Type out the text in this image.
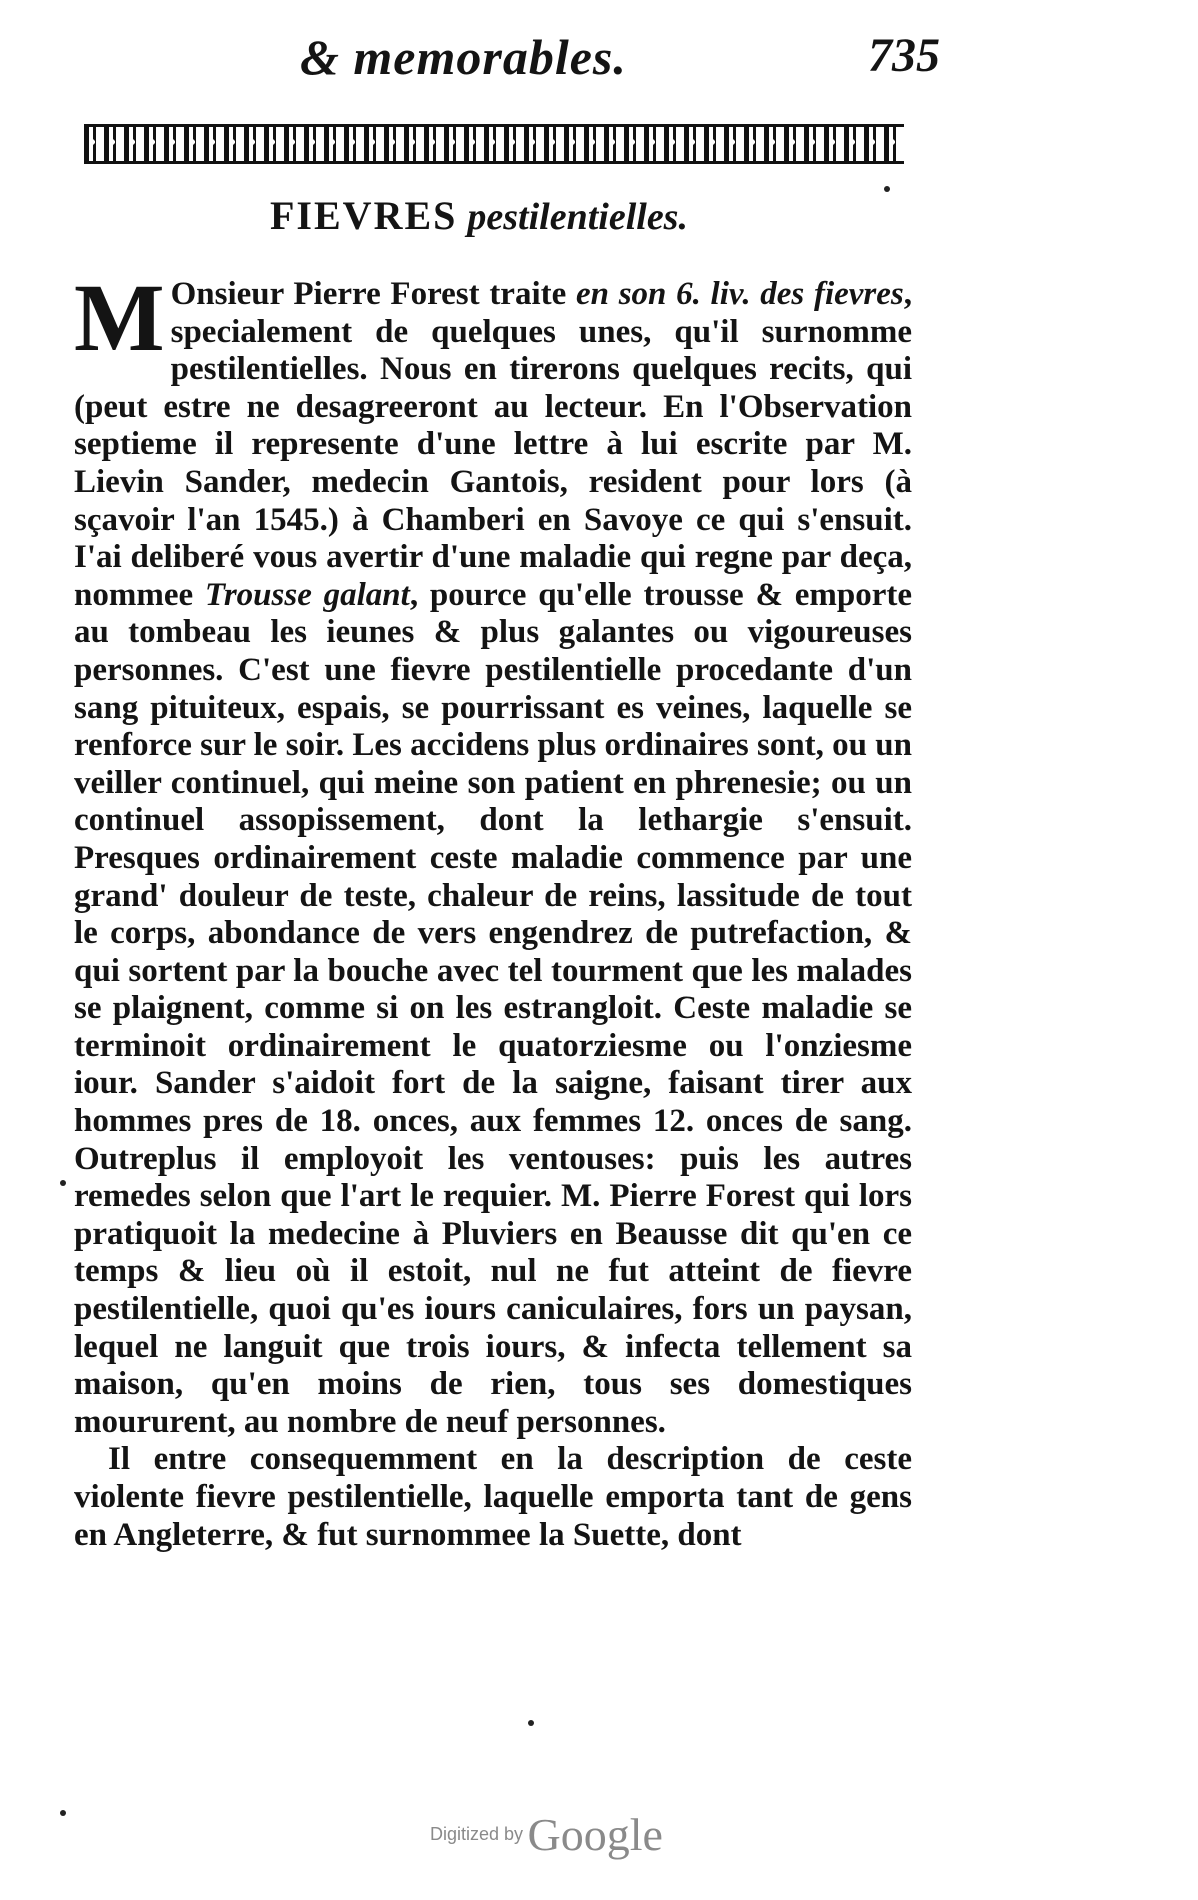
& memorables.	735
FIEVRES pestilentielles.

M Onsieur Pierre Forest traite en son 6. liv. des fievres, specialement de quelques unes, qu'il surnomme pestilentielles. Nous en tirerons quelques recits, qui (peut estre ne desagreeront au lecteur. En l'Observation septieme il represente d'une lettre à lui escrite par M. Lievin Sander, medecin Gantois, resident pour lors (à sçavoir l'an 1545.) à Chamberi en Savoye ce qui s'ensuit. I'ai deliberé vous avertir d'une maladie qui regne par deça, nommee Trousse galant, pource qu'elle trousse & emporte au tombeau les ieunes & plus galantes ou vigoureuses personnes. C'est une fievre pestilentielle procedante d'un sang pituiteux, espais, se pourrissant es veines, laquelle se renforce sur le soir. Les accidens plus ordinaires sont, ou un veiller continuel, qui meine son patient en phrenesie; ou un continuel assopissement, dont la lethargie s'ensuit. Presques ordinairement ceste maladie commence par une grand' douleur de teste, chaleur de reins, lassitude de tout le corps, abondance de vers engendrez de putrefaction, & qui sortent par la bouche avec tel tourment que les malades se plaignent, comme si on les estrangloit. Ceste maladie se terminoit ordinairement le quatorziesme ou l'onziesme iour. Sander s'aidoit fort de la saigne, faisant tirer aux hommes pres de 18. onces, aux femmes 12. onces de sang. Outreplus il employoit les ventouses: puis les autres remedes selon que l'art le requier. M. Pierre Forest qui lors pratiquoit la medecine à Pluviers en Beausse dit qu'en ce temps & lieu où il estoit, nul ne fut atteint de fievre pestilentielle, quoi qu'es iours caniculaires, fors un paysan, lequel ne languit que trois iours, & infecta tellement sa maison, qu'en moins de rien, tous ses domestiques moururent, au nombre de neuf personnes.

Il entre consequemment en la description de ceste violente fievre pestilentielle, laquelle emporta tant de gens en Angleterre, & fut surnommee la Suette, dont

Digitized by Google
